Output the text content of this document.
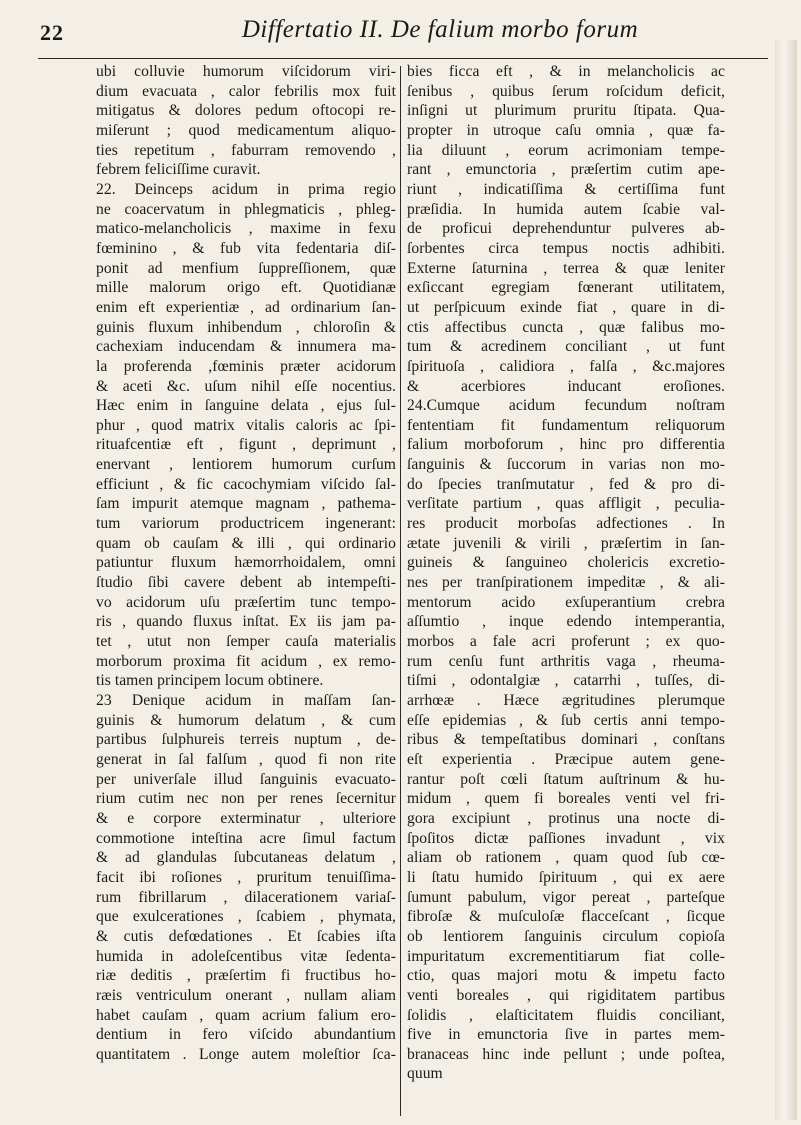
22	Differtatio II. De falium morbo forum

ubi colluvie humorum viſcidorum viri-

dium evacuata , calor febrilis mox fuit

mitigatus & dolores pedum oftocopi re-

miſerunt ; quod medicamentum aliquo-

ties repetitum , faburram removendo ,

febrem feliciſſime curavit.

22. Deinceps acidum in prima regio

ne coacervatum in phlegmaticis , phleg-

matico-melancholicis , maxime in fexu

fœminino , & fub vita fedentaria diſ-

ponit ad menfium ſuppreſſionem, quæ

mille malorum origo eft. Quotidianæ

enim eft experientiæ , ad ordinarium ſan-

guinis fluxum inhibendum , chloroſin &

cachexiam inducendam & innumera ma-

la proferenda ,fœminis præter acidorum

& aceti &c. uſum nihil eſſe nocentius.

Hæc enim in ſanguine delata , ejus ſul-

phur , quod matrix vitalis caloris ac ſpi-

rituafcentiæ eft , figunt , deprimunt ,

enervant , lentiorem humorum curſum

efficiunt , & fic cacochymiam viſcido ſal-

ſam impurit atemque magnam , pathema-

tum variorum productricem ingenerant:

quam ob cauſam & illi , qui ordinario

patiuntur fluxum hæmorrhoidalem, omni

ſtudio ſibi cavere debent ab intempeſti-

vo acidorum uſu præſertim tunc tempo-

ris , quando fluxus inſtat. Ex iis jam pa-

tet , utut non ſemper cauſa materialis

morborum proxima fit acidum , ex remo-

tis tamen principem locum obtinere.

23 Denique acidum in maſſam ſan-

guinis & humorum delatum , & cum

partibus ſulphureis terreis nuptum , de-

generat in ſal falſum , quod fi non rite

per univerſale illud ſanguinis evacuato-

rium cutim nec non per renes ſecernitur

& e corpore exterminatur , ulteriore

commotione inteſtina acre ſimul factum

& ad glandulas ſubcutaneas delatum ,

facit ibi roſiones , pruritum tenuiſſima-

rum fibrillarum , dilacerationem variaſ-

que exulcerationes , ſcabiem , phymata,

& cutis defœdationes . Et ſcabies iſta

humida in adoleſcentibus vitæ ſedenta-

riæ deditis , præſertim fi fructibus ho-

ræis ventriculum onerant , nullam aliam

habet cauſam , quam acrium falium ero-

dentium in fero viſcido abundantium

quantitatem . Longe autem moleſtior ſca-

bies ficca eft , & in melancholicis ac

ſenibus , quibus ſerum roſcidum deficit,

inſigni ut plurimum pruritu ſtipata. Qua-

propter in utroque caſu omnia , quæ fa-

lia diluunt , eorum acrimoniam tempe-

rant , emunctoria , præſertim cutim ape-

riunt , indicatiſſima & certiſſima funt

præſidia. In humida autem ſcabie val-

de proficui deprehenduntur pulveres ab-

ſorbentes circa tempus noctis adhibiti.

Externe ſaturnina , terrea & quæ leniter

exſiccant egregiam fœnerant utilitatem,

ut perſpicuum exinde fiat , quare in di-

ctis affectibus cuncta , quæ falibus mo-

tum & acredinem conciliant , ut funt

ſpirituoſa , calidiora , falſa , &c.majores

& acerbiores inducant eroſiones.

24.Cumque acidum fecundum noſtram

fententiam fit fundamentum reliquorum

falium morboforum , hinc pro differentia

ſanguinis & ſuccorum in varias non mo-

do ſpecies tranſmutatur , fed & pro di-

verſitate partium , quas affligit , peculia-

res producit morboſas adfectiones . In

ætate juvenili & virili , præſertim in ſan-

guineis & ſanguineo cholericis excretio-

nes per tranſpirationem impeditæ , & ali-

mentorum acido exſuperantium crebra

aſſumtio , inque edendo intemperantia,

morbos a fale acri proferunt ; ex quo-

rum cenſu funt arthritis vaga , rheuma-

tiſmi , odontalgiæ , catarrhi , tuſſes, di-

arrhœæ . Hæce ægritudines plerumque

eſſe epidemias , & ſub certis anni tempo-

ribus & tempeſtatibus dominari , conſtans

eſt experientia . Præcipue autem gene-

rantur poſt cœli ſtatum auſtrinum & hu-

midum , quem fi boreales venti vel fri-

gora excipiunt , protinus una nocte di-

ſpoſitos dictæ paſſiones invadunt , vix

aliam ob rationem , quam quod ſub cœ-

li ſtatu humido ſpirituum , qui ex aere

ſumunt pabulum, vigor pereat , parteſque

fibroſæ & muſculoſæ flacceſcant , ſicque

ob lentiorem ſanguinis circulum copioſa

impuritatum excrementitiarum fiat colle-

ctio, quas majori motu & impetu facto

venti boreales , qui rigiditatem partibus

ſolidis , elaſticitatem fluidis conciliant,

five in emunctoria ſive in partes mem-

branaceas hinc inde pellunt ; unde poſtea,

quum
